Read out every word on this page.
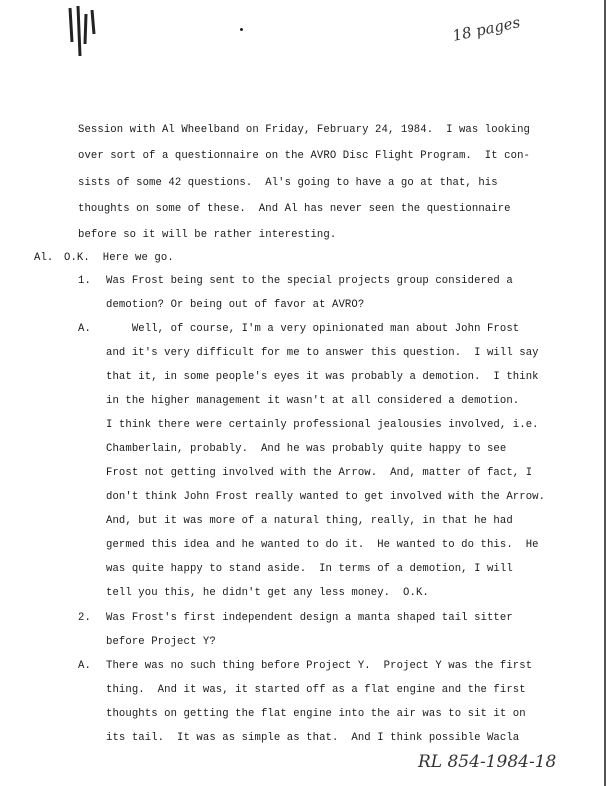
18 pages
Session with Al Wheelband on Friday, February 24, 1984.  I was looking
over sort of a questionnaire on the AVRO Disc Flight Program.  It con-
sists of some 42 questions.  Al's going to have a go at that, his
thoughts on some of these.  And Al has never seen the questionnaire
before so it will be rather interesting.
Al. O.K.  Here we go.
1. Was Frost being sent to the special projects group considered a
demotion? Or being out of favor at AVRO?
A. Well, of course, I'm a very opinionated man about John Frost
and it's very difficult for me to answer this question.  I will say
that it, in some people's eyes it was probably a demotion.  I think
in the higher management it wasn't at all considered a demotion.
I think there were certainly professional jealousies involved, i.e.
Chamberlain, probably.  And he was probably quite happy to see
Frost not getting involved with the Arrow.  And, matter of fact, I
don't think John Frost really wanted to get involved with the Arrow.
And, but it was more of a natural thing, really, in that he had
germed this idea and he wanted to do it.  He wanted to do this.  He
was quite happy to stand aside.  In terms of a demotion, I will
tell you this, he didn't get any less money.  O.K.
2. Was Frost's first independent design a manta shaped tail sitter
before Project Y?
A. There was no such thing before Project Y.  Project Y was the first
thing.  And it was, it started off as a flat engine and the first
thoughts on getting the flat engine into the air was to sit it on
its tail.  It was as simple as that.  And I think possible Wacla
RL 854-1984-18
